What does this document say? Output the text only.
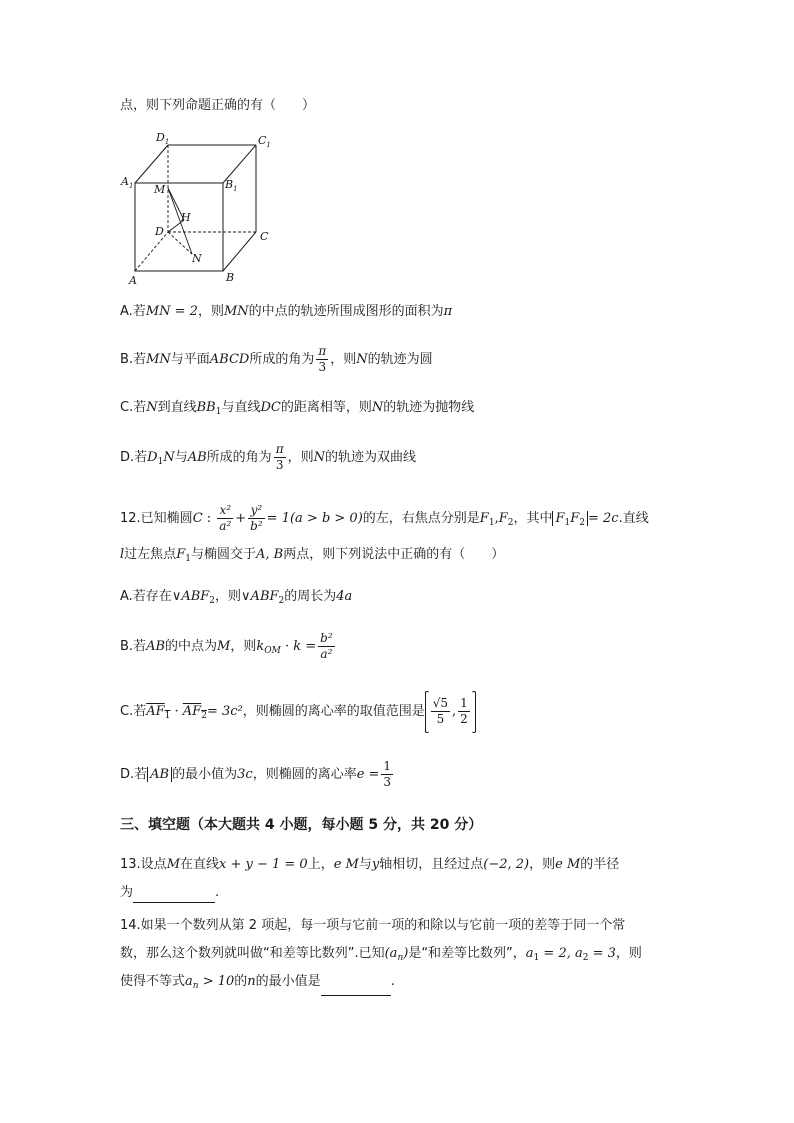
点，则下列命题正确的有（　　）
$D_1$	$C_1$
$A_1$	$B_1$
M
H
D	C
N
A	B
A.若MN = 2，则MN的中点的轨迹所围成图形的面积为π
B.若MN与平面ABCD所成的角为 $\frac{\pi}{3}$ ，则N的轨迹为圆
C.若N到直线$BB_1$与直线DC的距离相等，则N的轨迹为抛物线
D.若$D_1N$与AB所成的角为 $\frac{\pi}{3}$ ，则N的轨迹为双曲线
12.已知椭圆C : $\frac{\text{x²}}{\text{a²}} + \frac{\text{y²}}{\text{b²}} = 1(a > b > 0)$的左，右焦点分别是$F_1,F_2$，其中 $F_1F_2 = 2c$.直线
l过左焦点$F_1$与椭圆交于A, B两点，则下列说法中正确的有（　　）
A.若存在$\vee ABF_2$，则$\vee ABF_2$的周长为4a
B.若AB的中点为M，则$k_{OM} \cdot k = \frac{\text{b²}}{\text{a²}}$
C.若$AF_1 \cdot AF_2= 3c^2$，则椭圆的离心率的取值范围是 $\frac{√5}{5}$ , $\frac{1}{2}$
D.若 AB 的最小值为3c，则椭圆的离心率$e = \frac{1}{3}$
三、填空题（本大题共 4 小题，每小题 5 分，共 20 分）
13.设点M在直线x + y − 1 = 0上，e M与y轴相切，且经过点(−2, 2)，则e M的半径
为	.
14.如果一个数列从第 2 项起，每一项与它前一项的和除以与它前一项的差等于同一个常
数，那么这个数列就叫做“和差等比数列”.已知$(a_n)$是“和差等比数列”，$a_1 = 2$, $a_2 = 3$，则
使得不等式$a_n > 10$的n的最小值是	.
